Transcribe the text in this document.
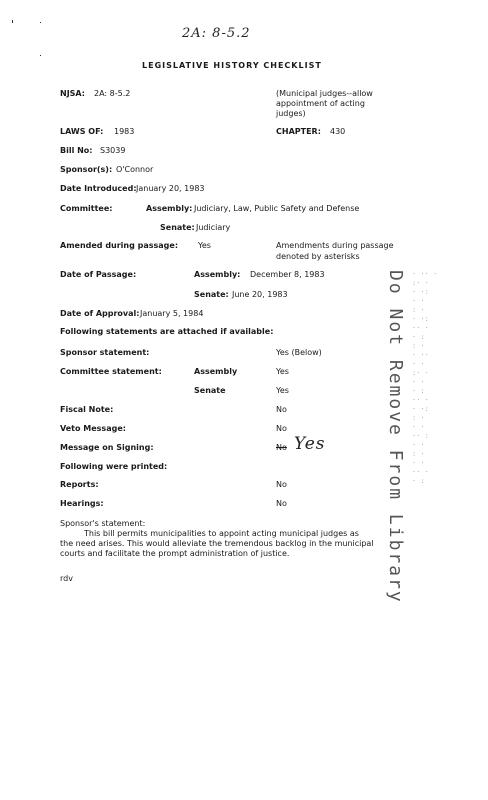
2A: 8-5.2
LEGISLATIVE HISTORY CHECKLIST
NJSA: 2A: 8-5.2	(Municipal judges--allow
appointment of acting
judges)
LAWS OF: 1983	CHAPTER: 430
Bill No: S3039
Sponsor(s): O'Connor
Date Introduced: January 20, 1983
Committee:	Assembly: Judiciary, Law, Public Safety and Defense
Senate: Judiciary
Amended during passage: Yes	Amendments during passage
denoted by asterisks
Date of Passage:	Assembly: December 8, 1983
Senate: June 20, 1983
Date of Approval: January 5, 1984
Following statements are attached if available:
Sponsor statement:	Yes (Below)
Committee statement:	Assembly	Yes
Senate	Yes
Fiscal Note:	No
Veto Message:	No
Message on Signing:	No Yes
Following were printed:
Reports:	No
Hearings:	No
Sponsor's statement:
This bill permits municipalities to appoint acting municipal judges as
the need arises. This would alleviate the tremendous backlog in the municipal
courts and facilitate the prompt administration of justice.
rdv	Do Not Remove From Library · ·· ·
:· ·
· ·:
· ·
: ·
· ·:
·· ·
· :
: ·
· ··
· ·
:· ·
· ·
· :
·· ·
· ·:
: ·
· ·
·· :
· ·
: ·
· ·
·· ·
· :
